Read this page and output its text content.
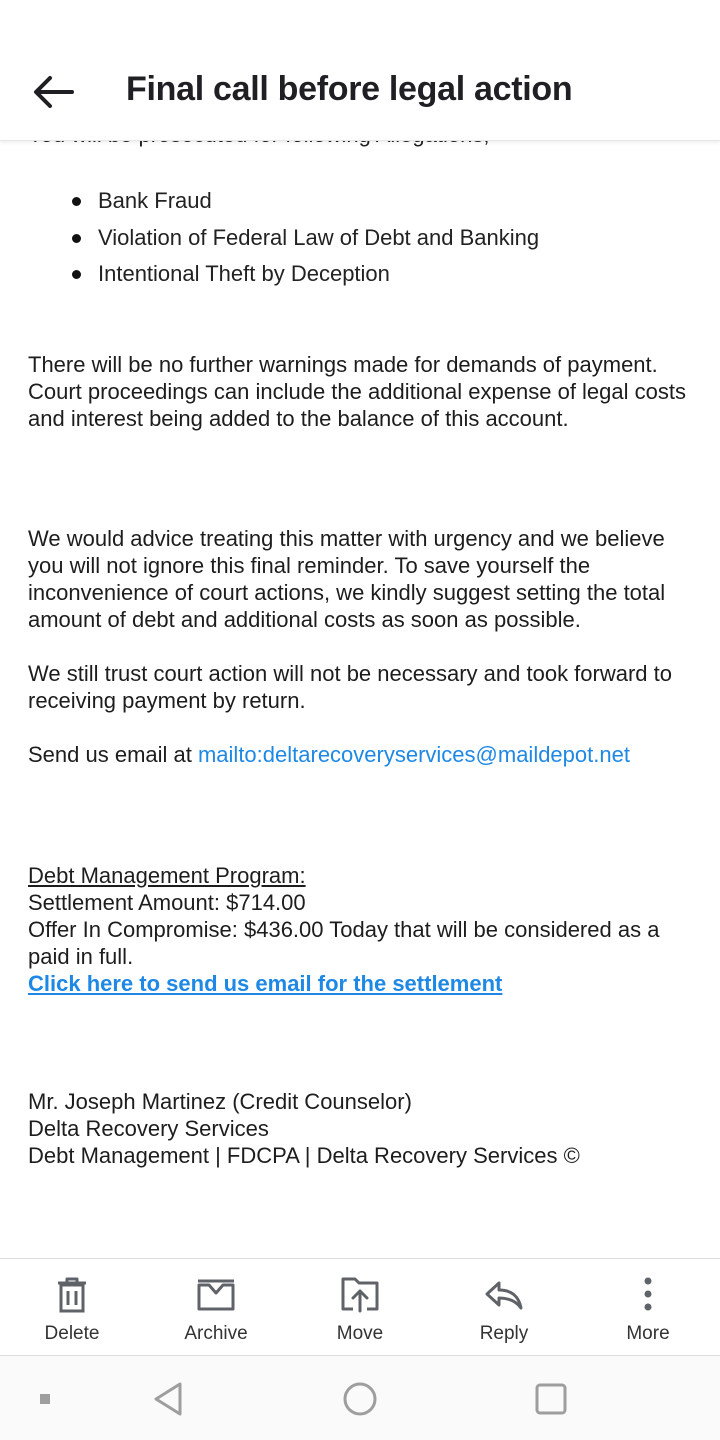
Bank Fraud
Violation of Federal Law of Debt and Banking
Intentional Theft by Deception

There will be no further warnings made for demands of payment. Court proceedings can include the additional expense of legal costs and interest being added to the balance of this account.

We would advice treating this matter with urgency and we believe you will not ignore this final reminder. To save yourself the inconvenience of court actions, we kindly suggest setting the total amount of debt and additional costs as soon as possible.

We still trust court action will not be necessary and took forward to receiving payment by return.

Send us email at mailto:deltarecoveryservices@maildepot.net

Debt Management Program:
Settlement Amount: $714.00
Offer In Compromise: $436.00 Today that will be considered as a paid in full.
Click here to send us email for the settlement
Mr. Joseph Martinez (Credit Counselor)
Delta Recovery Services
Debt Management | FDCPA | Delta Recovery Services ©
Final call before legal action
Delete	Archive	Move	Reply	More
